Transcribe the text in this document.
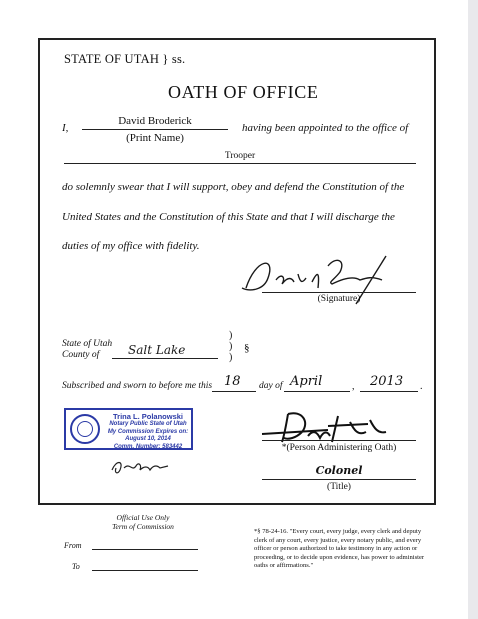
STATE OF UTAH } ss.
OATH OF OFFICE
I,
David Broderick
(Print Name)
having been appointed to the office of
Trooper
do solemnly swear that I will support, obey and defend the Constitution of the
United States and the Constitution of this State and that I will discharge the
duties of my office with fidelity.
(Signature)
State of Utah
County of Salt Lake
)
)
)
§
Subscribed and sworn to before me this 18 day of April	, 2013 .
Trina L. Polanowski
Notary Public State of Utah
My Commission Expires on:
August 10, 2014
Comm. Number: 583442	*(Person Administering Oath)
Colonel
(Title)
Official Use Only
Term of Commission
From
To
*§ 78-24-16. "Every court, every judge, every clerk and deputy clerk of any court, every justice, every notary public, and every officer or person authorized to take testimony in any action or proceeding, or to decide upon evidence, has power to administer oaths or affirmations."
